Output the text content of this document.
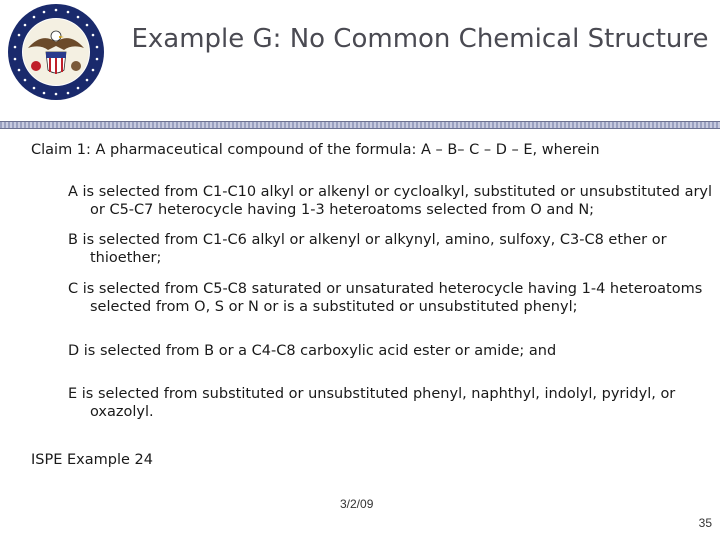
Example G: No Common Chemical Structure
Claim 1: A pharmaceutical compound of the formula: A – B– C – D – E, wherein
A is selected from C1-C10 alkyl or alkenyl or cycloalkyl, substituted or unsubstituted aryl or C5-C7 heterocycle having 1-3 heteroatoms selected from O and N;
B is selected from C1-C6 alkyl or alkenyl or alkynyl, amino, sulfoxy, C3-C8 ether or thioether;
C is selected from C5-C8 saturated or unsaturated heterocycle having 1-4 heteroatoms selected from O, S or N or is a substituted or unsubstituted phenyl;
D is selected from B or a C4-C8 carboxylic acid ester or amide; and
E is selected from substituted or unsubstituted phenyl, naphthyl, indolyl, pyridyl, or oxazolyl.
ISPE Example 24
3/2/09
35
